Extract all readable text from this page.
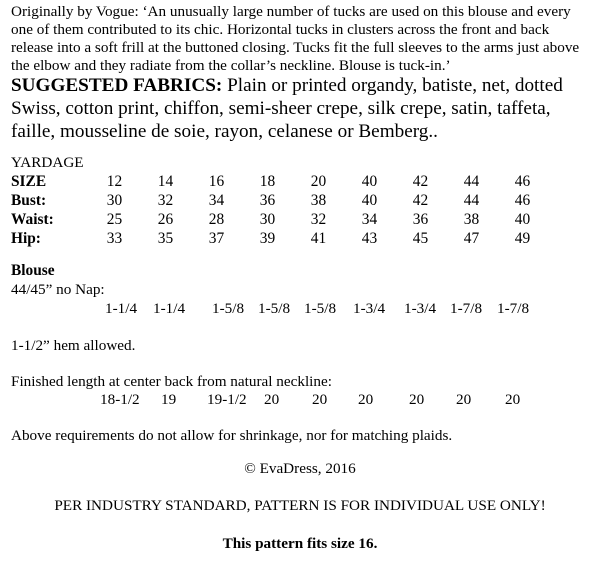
Originally by Vogue: ‘An unusually large number of tucks are used on this blouse and every one of them contributed to its chic. Horizontal tucks in clusters across the front and back release into a soft frill at the buttoned closing. Tucks fit the full sleeves to the arms just above the elbow and they radiate from the collar’s neckline. Blouse is tuck-in.’

SUGGESTED FABRICS: Plain or printed organdy, batiste, net, dotted Swiss, cotton print, chiffon, semi-sheer crepe, silk crepe, satin, taffeta, faille, mousseline de soie, rayon, celanese or Bemberg..

YARDAGE

SIZE	12	14	16	18	20	40	42	44	46
Bust:	30	32	34	36	38	40	42	44	46
Waist:	25	26	28	30	32	34	36	38	40
Hip:	33	35	37	39	41	43	45	47	49

Blouse

44/45” no Nap:

1-1/4 1-1/4 1-5/8 1-5/8 1-5/8 1-3/4 1-3/4 1-7/8 1-7/8

1-1/2” hem allowed.

Finished length at center back from natural neckline:

18-1/2 19 19-1/2 20 20 20 20 20 20

Above requirements do not allow for shrinkage, nor for matching plaids.

© EvaDress, 2016

PER INDUSTRY STANDARD, PATTERN IS FOR INDIVIDUAL USE ONLY!

This pattern fits size 16.
